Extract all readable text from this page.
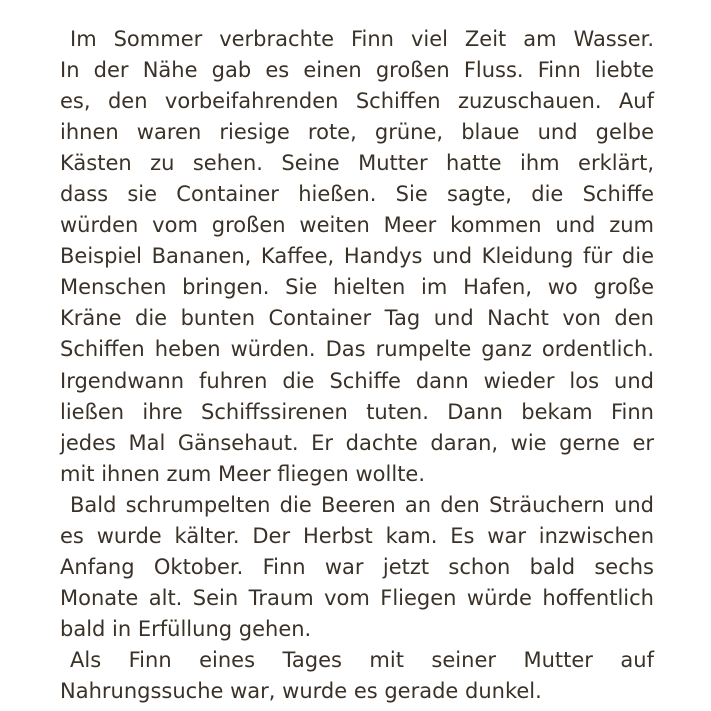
Im Sommer verbrachte Finn viel Zeit am Wasser.
In der Nähe gab es einen großen Fluss. Finn liebte
es, den vorbeifahrenden Schiffen zuzuschauen. Auf
ihnen waren riesige rote, grüne, blaue und gelbe
Kästen zu sehen. Seine Mutter hatte ihm erklärt,
dass sie Container hießen. Sie sagte, die Schiffe
würden vom großen weiten Meer kommen und zum
Beispiel Bananen, Kaffee, Handys und Kleidung für die
Menschen bringen. Sie hielten im Hafen, wo große
Kräne die bunten Container Tag und Nacht von den
Schiffen heben würden. Das rumpelte ganz ordentlich.
Irgendwann fuhren die Schiffe dann wieder los und
ließen ihre Schiffssirenen tuten. Dann bekam Finn
jedes Mal Gänsehaut. Er dachte daran, wie gerne er
mit ihnen zum Meer fliegen wollte.
Bald schrumpelten die Beeren an den Sträuchern und
es wurde kälter. Der Herbst kam. Es war inzwischen
Anfang Oktober. Finn war jetzt schon bald sechs
Monate alt. Sein Traum vom Fliegen würde hoffentlich
bald in Erfüllung gehen.
Als Finn eines Tages mit seiner Mutter auf
Nahrungssuche war, wurde es gerade dunkel.
